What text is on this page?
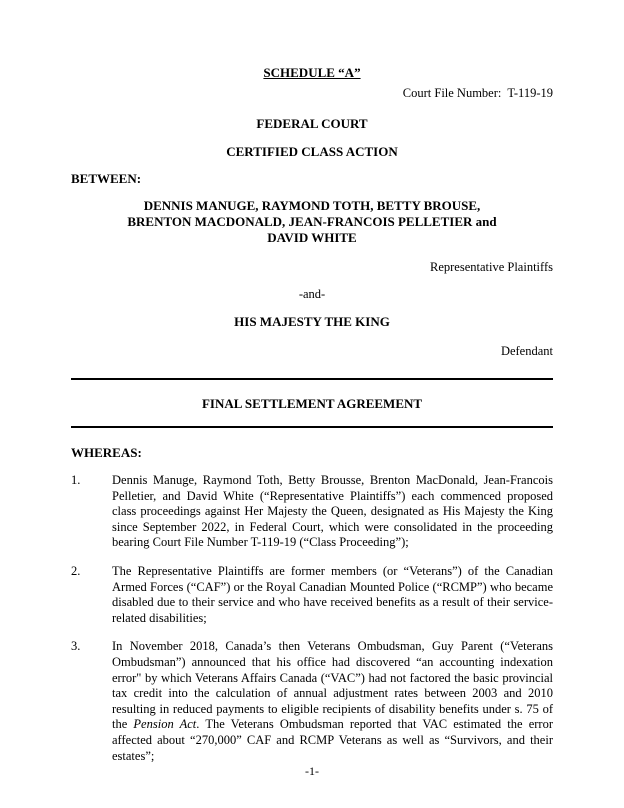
SCHEDULE “A”
Court File Number:  T-119-19
FEDERAL COURT
CERTIFIED CLASS ACTION
BETWEEN:
DENNIS MANUGE, RAYMOND TOTH, BETTY BROUSE, BRENTON MACDONALD, JEAN-FRANCOIS PELLETIER and DAVID WHITE
Representative Plaintiffs
-and-
HIS MAJESTY THE KING
Defendant
FINAL SETTLEMENT AGREEMENT
WHEREAS:
1.	Dennis Manuge, Raymond Toth, Betty Brousse, Brenton MacDonald, Jean-Francois Pelletier, and David White (“Representative Plaintiffs”) each commenced proposed class proceedings against Her Majesty the Queen, designated as His Majesty the King since September 2022, in Federal Court, which were consolidated in the proceeding bearing Court File Number T-119-19 (“Class Proceeding”);

2.	The Representative Plaintiffs are former members (or “Veterans”) of the Canadian Armed Forces (“CAF”) or the Royal Canadian Mounted Police (“RCMP”) who became disabled due to their service and who have received benefits as a result of their service-related disabilities;

3.	In November 2018, Canada’s then Veterans Ombudsman, Guy Parent (“Veterans Ombudsman”) announced that his office had discovered “an accounting indexation error" by which Veterans Affairs Canada (“VAC”) had not factored the basic provincial tax credit into the calculation of annual adjustment rates between 2003 and 2010 resulting in reduced payments to eligible recipients of disability benefits under s. 75 of the Pension Act. The Veterans Ombudsman reported that VAC estimated the error affected about “270,000” CAF and RCMP Veterans as well as “Survivors, and their estates”;

-1-
